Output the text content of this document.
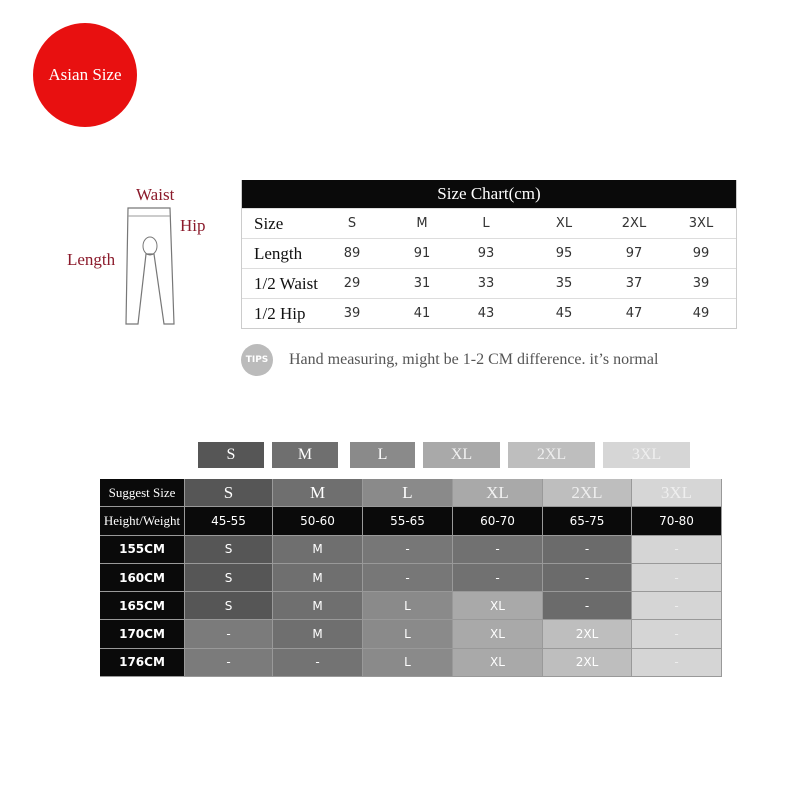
Asian Size
Waist
Hip
Length
Size Chart(cm)
Size	S	M	L	XL	2XL	3XL
Length	89	91	93	95	97	99
1/2 Waist	29	31	33	35	37	39
1/2 Hip	39	41	43	45	47	49
TIPS Hand measuring, might be 1-2 CM difference. it’s normal
S	M	L	XL	2XL	3XL
Suggest Size	S	M	L	XL	2XL	3XL
Height/Weight	45-55	50-60	55-65	60-70	65-75	70-80
155CM	S	M	-	-	-	-
160CM	S	M	-	-	-	-
165CM	S	M	L	XL	-	-
170CM	-	M	L	XL	2XL	-
176CM	-	-	L	XL	2XL	-
